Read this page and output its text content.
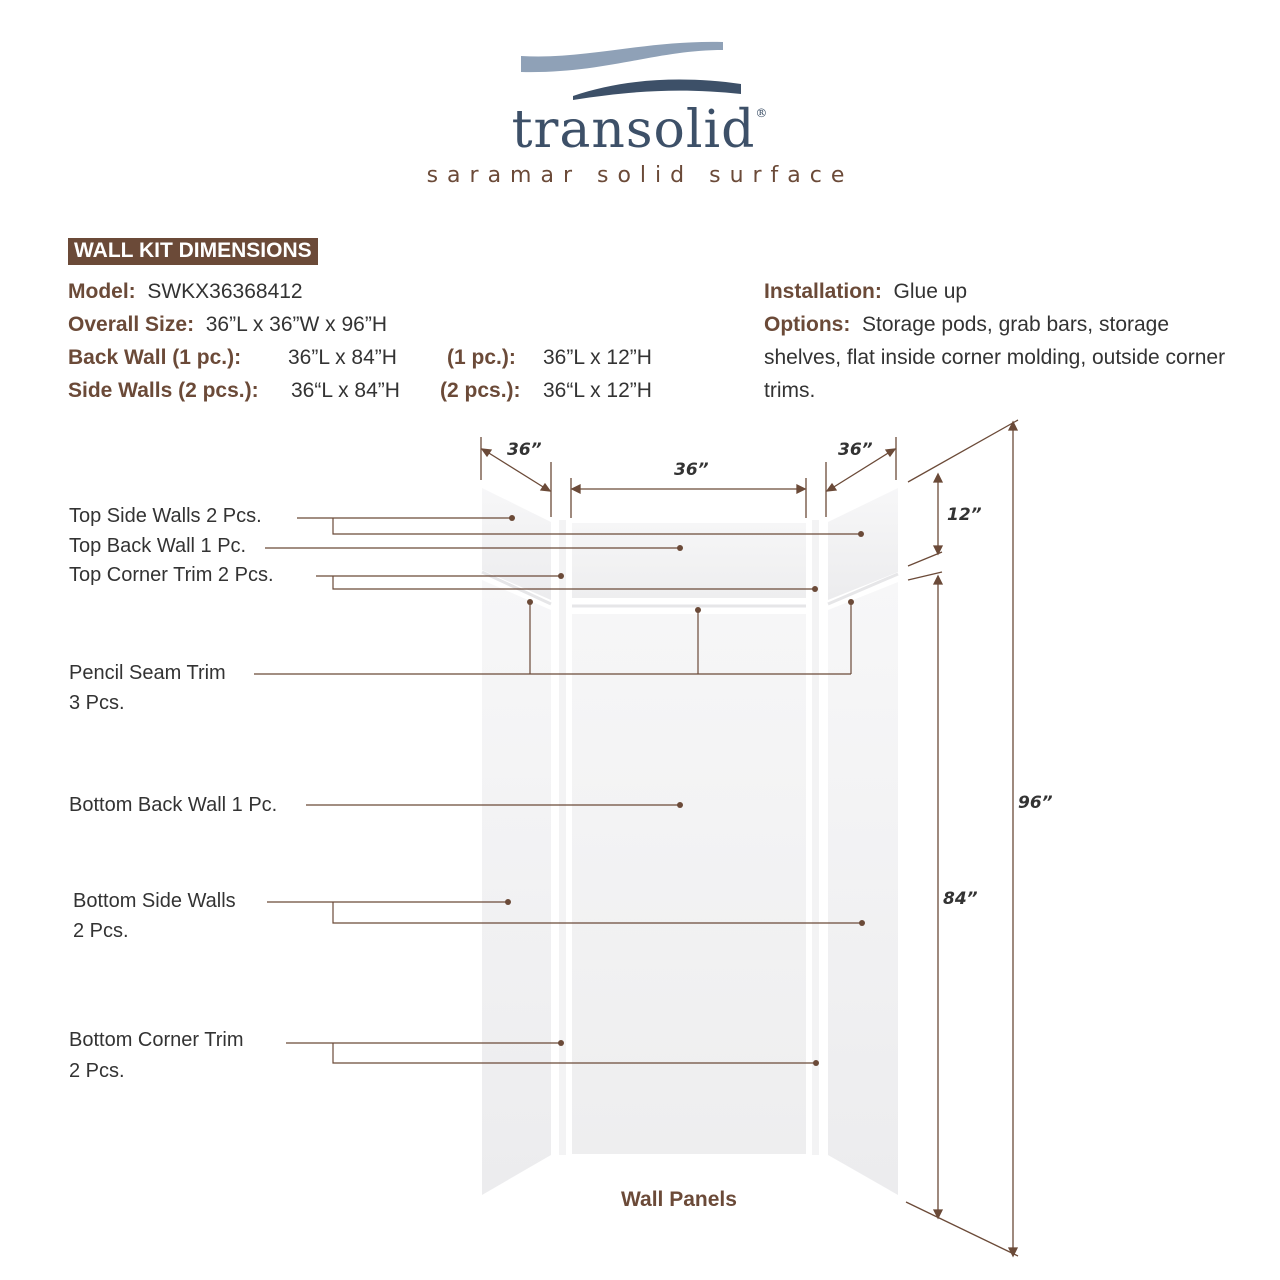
transolid®
saramar solid surface
WALL KIT DIMENSIONS
Model: SWKX36368412
Overall Size: 36”L x 36”W x 96”H
Back Wall (1 pc.): 36”L x 84”H (1 pc.): 36”L x 12”H
Side Walls (2 pcs.): 36“L x 84”H (2 pcs.): 36“L x 12”H
Installation: Glue up
Options: Storage pods, grab bars, storage shelves, flat inside corner molding, outside corner trims.
36”
36”
36”
12”
84”
96”
Top Side Walls 2 Pcs.
Top Back Wall 1 Pc.
Top Corner Trim 2 Pcs.
Pencil Seam Trim
3 Pcs.
Bottom Back Wall 1 Pc.
Bottom Side Walls
2 Pcs.
Bottom Corner Trim
2 Pcs.
Wall Panels
